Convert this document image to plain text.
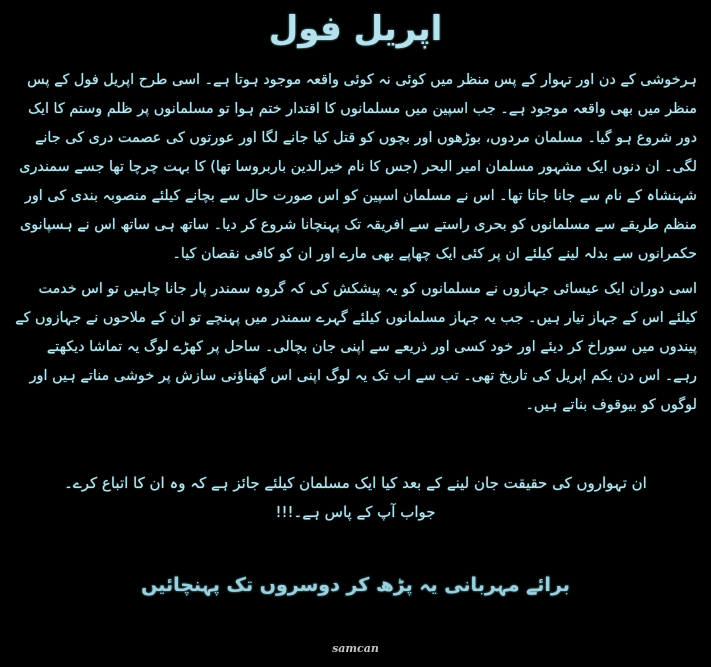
اپریل فول

ہرخوشی کے دن اور تہوار کے پس منظر میں کوئی نہ کوئی واقعہ موجود ہوتا ہے۔ اسی طرح اپریل فول کے پس منظر میں بھی واقعہ موجود ہے۔ جب اسپین میں مسلمانوں کا اقتدار ختم ہوا تو مسلمانوں پر ظلم وستم کا ایک دور شروع ہو گیا۔ مسلمان مردوں، بوڑھوں اور بچوں کو قتل کیا جانے لگا اور عورتوں کی عصمت دری کی جانے لگی۔ ان دنوں ایک مشہور مسلمان امیر البحر (جس کا نام خیرالدین باربروسا تھا) کا بہت چرچا تھا جسے سمندری شہنشاہ کے نام سے جانا جاتا تھا۔ اس نے مسلمان اسپین کو اس صورت حال سے بچانے کیلئے منصوبہ بندی کی اور منظم طریقے سے مسلمانوں کو بحری راستے سے افریقہ تک پہنچانا شروع کر دیا۔ ساتھ ہی ساتھ اس نے ہسپانوی حکمرانوں سے بدلہ لینے کیلئے ان پر کئی ایک چھاپے بھی مارے اور ان کو کافی نقصان کیا۔

اسی دوران ایک عیسائی جہازوں نے مسلمانوں کو یہ پیشکش کی کہ گروہ سمندر پار جانا چاہیں تو اس خدمت کیلئے اس کے جہاز تیار ہیں۔ جب یہ جہاز مسلمانوں کیلئے گہرے سمندر میں پہنچے تو ان کے ملاحوں نے جہازوں کے پیندوں میں سوراخ کر دیئے اور خود کسی اور ذریعے سے اپنی جان بچالی۔ ساحل پر کھڑے لوگ یہ تماشا دیکھتے رہے۔ اس دن یکم اپریل کی تاریخ تھی۔ تب سے اب تک یہ لوگ اپنی اس گھناؤنی سازش پر خوشی مناتے ہیں اور لوگوں کو بیوقوف بناتے ہیں۔

ان تہواروں کی حقیقت جان لینے کے بعد کیا ایک مسلمان کیلئے جائز ہے کہ وہ ان کا اتباع کرے۔
جواب آپ کے پاس ہے۔!!!
برائے مہربانی یہ پڑھ کر دوسروں تک پہنچائیں
samcan
